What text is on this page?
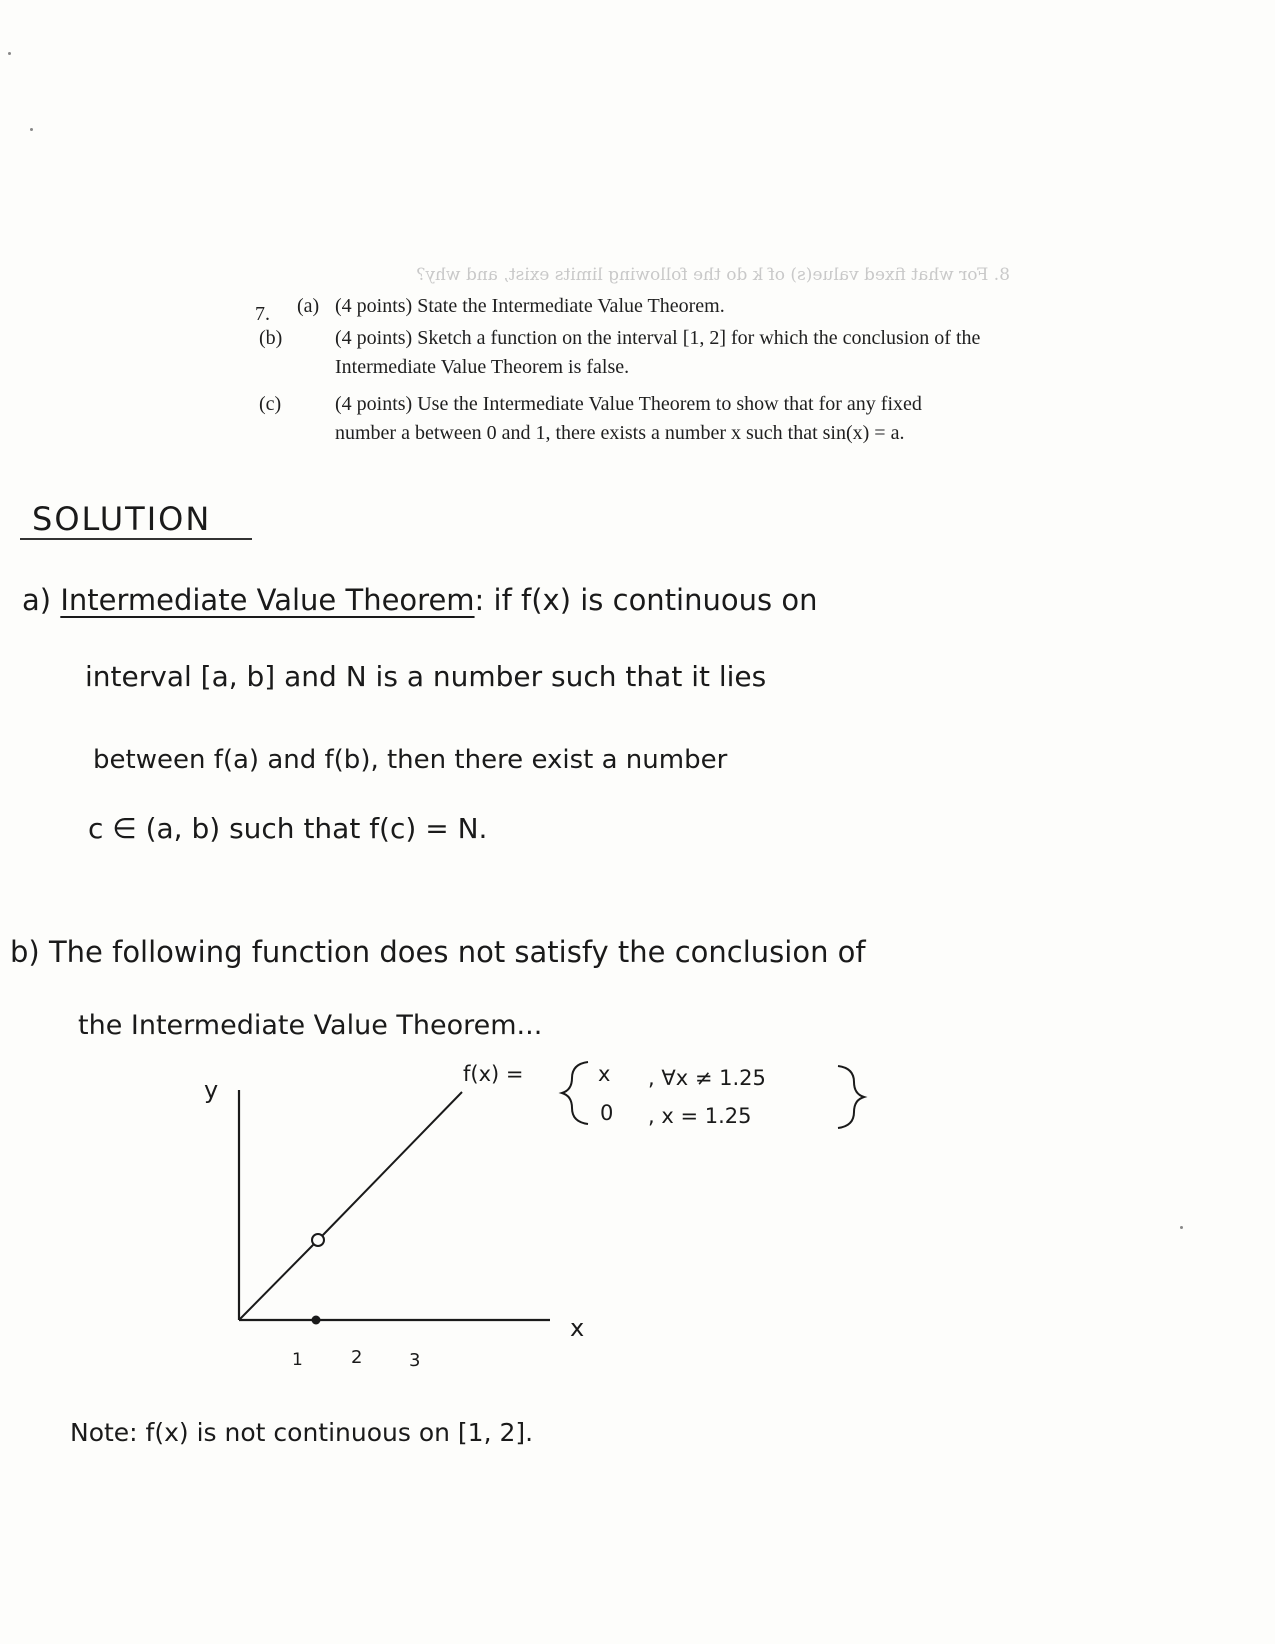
8. For what fixed value(s) of k do the following limits exist, and why?
7. (a) (4 points) State the Intermediate Value Theorem.
(b)	(4 points) Sketch a function on the interval [1, 2] for which the conclusion of the Intermediate Value Theorem is false.
(c)	(4 points) Use the Intermediate Value Theorem to show that for any fixed number a between 0 and 1, there exists a number x such that sin(x) = a.
SOLUTION
a) Intermediate Value Theorem: if f(x) is continuous on
interval [a, b] and N is a number such that it lies
between f(a) and f(b), then there exist a number
c ∈ (a, b) such that f(c) = N.
b) The following function does not satisfy the conclusion of
the Intermediate Value Theorem...
f(x) =	x , ∀x ≠ 1.25
0 , x = 1.25
y
x
1	2	3
Note: f(x) is not continuous on [1, 2].
